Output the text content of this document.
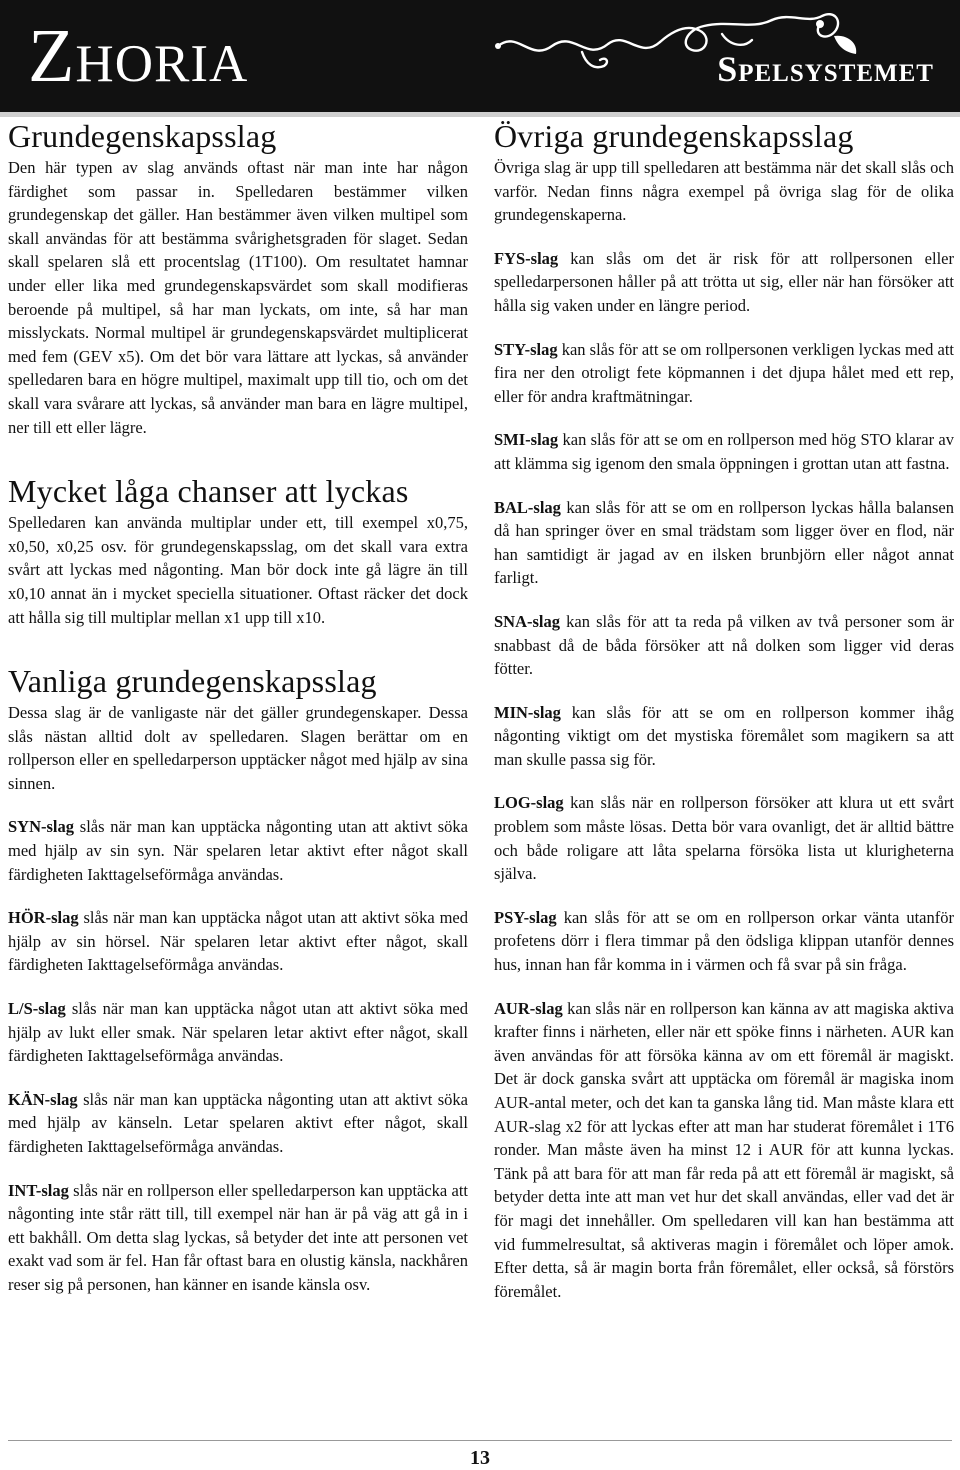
Zhoria	Spelsystemet
Grundegenskapsslag

Den här typen av slag används oftast när man inte har någon färdighet som passar in. Spelledaren bestämmer vilken grundegenskap det gäller. Han bestämmer även vilken multipel som skall användas för att bestämma svårighetsgraden för slaget. Sedan skall spelaren slå ett procentslag (1T100). Om resultatet hamnar under eller lika med grundegenskapsvärdet som skall modifieras beroende på multipel, så har man lyckats, om inte, så har man misslyckats. Normal multipel är grundegenskapsvärdet multiplicerat med fem (GEV x5). Om det bör vara lättare att lyckas, så använder spelledaren bara en högre multipel, maximalt upp till tio, och om det skall vara svårare att lyckas, så använder man bara en lägre multipel, ner till ett eller lägre.

Mycket låga chanser att lyckas

Spelledaren kan använda multiplar under ett, till exempel x0,75, x0,50, x0,25 osv. för grundegenskapsslag, om det skall vara extra svårt att lyckas med någonting. Man bör dock inte gå lägre än till x0,10 annat än i mycket speciella situationer. Oftast räcker det dock att hålla sig till multiplar mellan x1 upp till x10.

Vanliga grundegenskapsslag

Dessa slag är de vanligaste när det gäller grundegenskaper. Dessa slås nästan alltid dolt av spelledaren. Slagen berättar om en rollperson eller en spelledarperson upptäcker något med hjälp av sina sinnen.

SYN-slag slås när man kan upptäcka någonting utan att aktivt söka med hjälp av sin syn. När spelaren letar aktivt efter något skall färdigheten Iakttagelseförmåga användas.

HÖR-slag slås när man kan upptäcka något utan att aktivt söka med hjälp av sin hörsel. När spelaren letar aktivt efter något, skall färdigheten Iakttagelseförmåga användas.

L/S-slag slås när man kan upptäcka något utan att aktivt söka med hjälp av lukt eller smak. När spelaren letar aktivt efter något, skall färdigheten Iakttagelseförmåga användas.

KÄN-slag slås när man kan upptäcka någonting utan att aktivt söka med hjälp av känseln. Letar spelaren aktivt efter något, skall färdigheten Iakttagelseförmåga användas.

INT-slag slås när en rollperson eller spelledarperson kan upptäcka att någonting inte står rätt till, till exempel när han är på väg att gå in i ett bakhåll. Om detta slag lyckas, så betyder det inte att personen vet exakt vad som är fel. Han får oftast bara en olustig känsla, nackhåren reser sig på personen, han känner en isande känsla osv.

Övriga grundegenskapsslag

Övriga slag är upp till spelledaren att bestämma när det skall slås och varför. Nedan finns några exempel på övriga slag för de olika grundegenskaperna.

FYS-slag kan slås om det är risk för att rollpersonen eller spelledarpersonen håller på att trötta ut sig, eller när han försöker att hålla sig vaken under en längre period.

STY-slag kan slås för att se om rollpersonen verkligen lyckas med att fira ner den otroligt fete köpmannen i det djupa hålet med ett rep, eller för andra kraftmätningar.

SMI-slag kan slås för att se om en rollperson med hög STO klarar av att klämma sig igenom den smala öppningen i grottan utan att fastna.

BAL-slag kan slås för att se om en rollperson lyckas hålla balansen då han springer över en smal trädstam som ligger över en flod, när han samtidigt är jagad av en ilsken brunbjörn eller något annat farligt.

SNA-slag kan slås för att ta reda på vilken av två personer som är snabbast då de båda försöker att nå dolken som ligger vid deras fötter.

MIN-slag kan slås för att se om en rollperson kommer ihåg någonting viktigt om det mystiska föremålet som magikern sa att man skulle passa sig för.

LOG-slag kan slås när en rollperson försöker att klura ut ett svårt problem som måste lösas. Detta bör vara ovanligt, det är alltid bättre och både roligare att låta spelarna försöka lista ut klurigheterna själva.

PSY-slag kan slås för att se om en rollperson orkar vänta utanför profetens dörr i flera timmar på den ödsliga klippan utanför dennes hus, innan han får komma in i värmen och få svar på sin fråga.

AUR-slag kan slås när en rollperson kan känna av att magiska aktiva krafter finns i närheten, eller när ett spöke finns i närheten. AUR kan även användas för att försöka känna av om ett föremål är magiskt. Det är dock ganska svårt att upptäcka om föremål är magiska inom AUR-antal meter, och det kan ta ganska lång tid. Man måste klara ett AUR-slag x2 för att lyckas efter att man har studerat föremålet i 1T6 ronder. Man måste även ha minst 12 i AUR för att kunna lyckas. Tänk på att bara för att man får reda på att ett föremål är magiskt, så betyder detta inte att man vet hur det skall användas, eller vad det är för magi det innehåller. Om spelledaren vill kan han bestämma att vid fummelresultat, så aktiveras magin i föremålet och löper amok. Efter detta, så är magin borta från föremålet, eller också, så förstörs föremålet.

13
